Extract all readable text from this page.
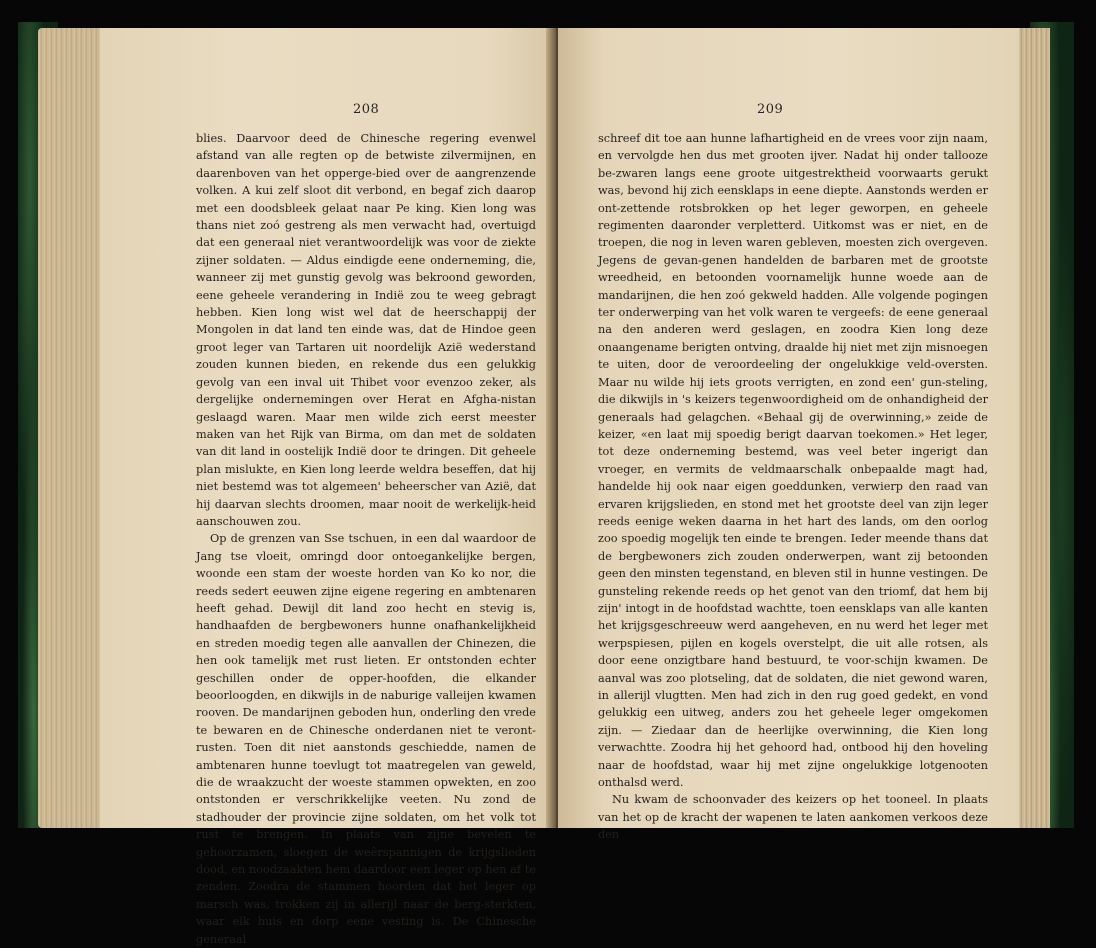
208

blies. Daarvoor deed de Chinesche regering evenwel afstand van alle regten op de betwiste zilvermijnen, en daarenboven van het opperge-bied over de aangrenzende volken. A kui zelf sloot dit verbond, en begaf zich daarop met een doodsbleek gelaat naar Pe king. Kien long was thans niet zoó gestreng als men verwacht had, overtuigd dat een generaal niet verantwoordelijk was voor de ziekte zijner soldaten. — Aldus eindigde eene onderneming, die, wanneer zij met gunstig gevolg was bekroond geworden, eene geheele verandering in Indië zou te weeg gebragt hebben. Kien long wist wel dat de heerschappij der Mongolen in dat land ten einde was, dat de Hindoe geen groot leger van Tartaren uit noordelijk Azië wederstand zouden kunnen bieden, en rekende dus een gelukkig gevolg van een inval uit Thibet voor evenzoo zeker, als dergelijke ondernemingen over Herat en Afgha-nistan geslaagd waren. Maar men wilde zich eerst meester maken van het Rijk van Birma, om dan met de soldaten van dit land in oostelijk Indië door te dringen. Dit geheele plan mislukte, en Kien long leerde weldra beseffen, dat hij niet bestemd was tot algemeen' beheerscher van Azië, dat hij daarvan slechts droomen, maar nooit de werkelijk-heid aanschouwen zou.

Op de grenzen van Sse tschuen, in een dal waardoor de Jang tse vloeit, omringd door ontoegankelijke bergen, woonde een stam der woeste horden van Ko ko nor, die reeds sedert eeuwen zijne eigene regering en ambtenaren heeft gehad. Dewijl dit land zoo hecht en stevig is, handhaafden de bergbewoners hunne onafhankelijkheid en streden moedig tegen alle aanvallen der Chinezen, die hen ook tamelijk met rust lieten. Er ontstonden echter geschillen onder de opper-hoofden, die elkander beoorloogden, en dikwijls in de naburige valleijen kwamen rooven. De mandarijnen geboden hun, onderling den vrede te bewaren en de Chinesche onderdanen niet te veront-rusten. Toen dit niet aanstonds geschiedde, namen de ambtenaren hunne toevlugt tot maatregelen van geweld, die de wraakzucht der woeste stammen opwekten, en zoo ontstonden er verschrikkelijke veeten. Nu zond de stadhouder der provincie zijne soldaten, om het volk tot rust te brengen. In plaats van zijne bevelen te gehoorzamen, sloegen de weêrspannigen de krijgslieden dood, en noodzaakten hem daardoor een leger op hen af te zenden. Zoodra de stammen hoorden dat het leger op marsch was, trokken zij in allerijl naar de berg-sterkten, waar elk huis en dorp eene vesting is. De Chinesche generaal

209

schreef dit toe aan hunne lafhartigheid en de vrees voor zijn naam, en vervolgde hen dus met grooten ijver. Nadat hij onder tallooze be-zwaren langs eene groote uitgestrektheid voorwaarts gerukt was, bevond hij zich eensklaps in eene diepte. Aanstonds werden er ont-zettende rotsbrokken op het leger geworpen, en geheele regimenten daaronder verpletterd. Uitkomst was er niet, en de troepen, die nog in leven waren gebleven, moesten zich overgeven. Jegens de gevan-genen handelden de barbaren met de grootste wreedheid, en betoonden voornamelijk hunne woede aan de mandarijnen, die hen zoó gekweld hadden. Alle volgende pogingen ter onderwerping van het volk waren te vergeefs: de eene generaal na den anderen werd geslagen, en zoodra Kien long deze onaangename berigten ontving, draalde hij niet met zijn misnoegen te uiten, door de veroordeeling der ongelukkige veld-oversten. Maar nu wilde hij iets groots verrigten, en zond een' gun-steling, die dikwijls in 's keizers tegenwoordigheid om de onhandigheid der generaals had gelagchen. «Behaal gij de overwinning,» zeide de keizer, «en laat mij spoedig berigt daarvan toekomen.» Het leger, tot deze onderneming bestemd, was veel beter ingerigt dan vroeger, en vermits de veldmaarschalk onbepaalde magt had, handelde hij ook naar eigen goeddunken, verwierp den raad van ervaren krijgslieden, en stond met het grootste deel van zijn leger reeds eenige weken daarna in het hart des lands, om den oorlog zoo spoedig mogelijk ten einde te brengen. Ieder meende thans dat de bergbewoners zich zouden onderwerpen, want zij betoonden geen den minsten tegenstand, en bleven stil in hunne vestingen. De gunsteling rekende reeds op het genot van den triomf, dat hem bij zijn' intogt in de hoofdstad wachtte, toen eensklaps van alle kanten het krijgsgeschreeuw werd aangeheven, en nu werd het leger met werpspiesen, pijlen en kogels overstelpt, die uit alle rotsen, als door eene onzigtbare hand bestuurd, te voor-schijn kwamen. De aanval was zoo plotseling, dat de soldaten, die niet gewond waren, in allerijl vlugtten. Men had zich in den rug goed gedekt, en vond gelukkig een uitweg, anders zou het geheele leger omgekomen zijn. — Ziedaar dan de heerlijke overwinning, die Kien long verwachtte. Zoodra hij het gehoord had, ontbood hij den hoveling naar de hoofdstad, waar hij met zijne ongelukkige lotgenooten onthalsd werd.

Nu kwam de schoonvader des keizers op het tooneel. In plaats van het op de kracht der wapenen te laten aankomen verkoos deze den
